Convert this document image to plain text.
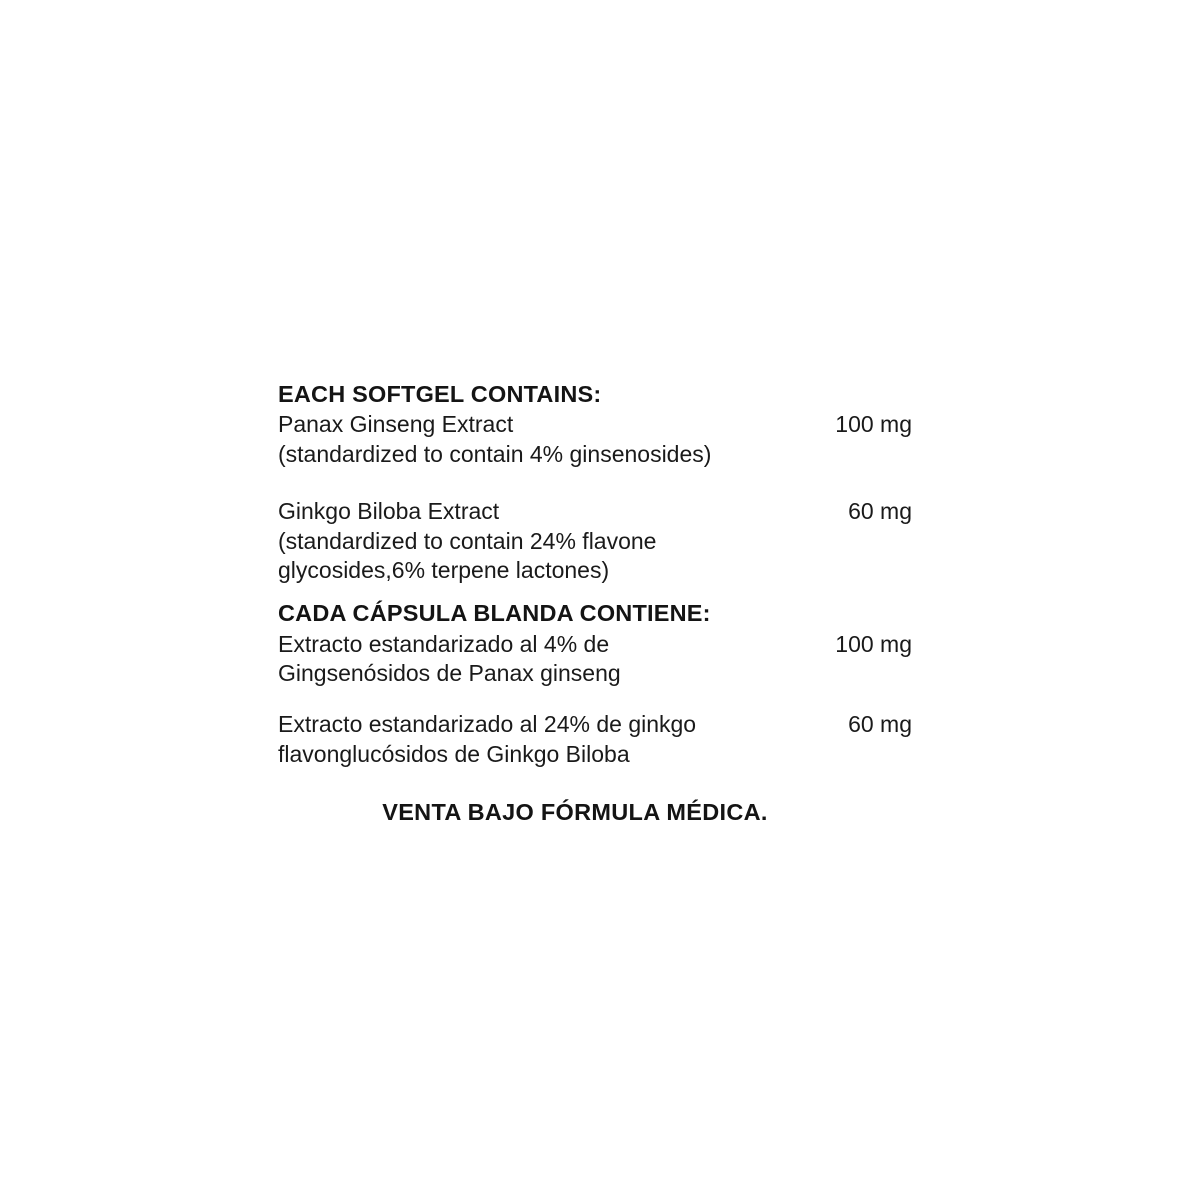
EACH SOFTGEL CONTAINS:
Panax Ginseng Extract	100 mg
(standardized to contain 4% ginsenosides)
Ginkgo Biloba Extract	60 mg
(standardized to contain 24% flavone glycosides,6% terpene lactones)
CADA CÁPSULA BLANDA CONTIENE:
Extracto estandarizado al 4% de	100 mg
Gingsenósidos de Panax ginseng
Extracto estandarizado al 24% de ginkgo	60 mg
flavonglucósidos de Ginkgo Biloba
VENTA BAJO FÓRMULA MÉDICA.
